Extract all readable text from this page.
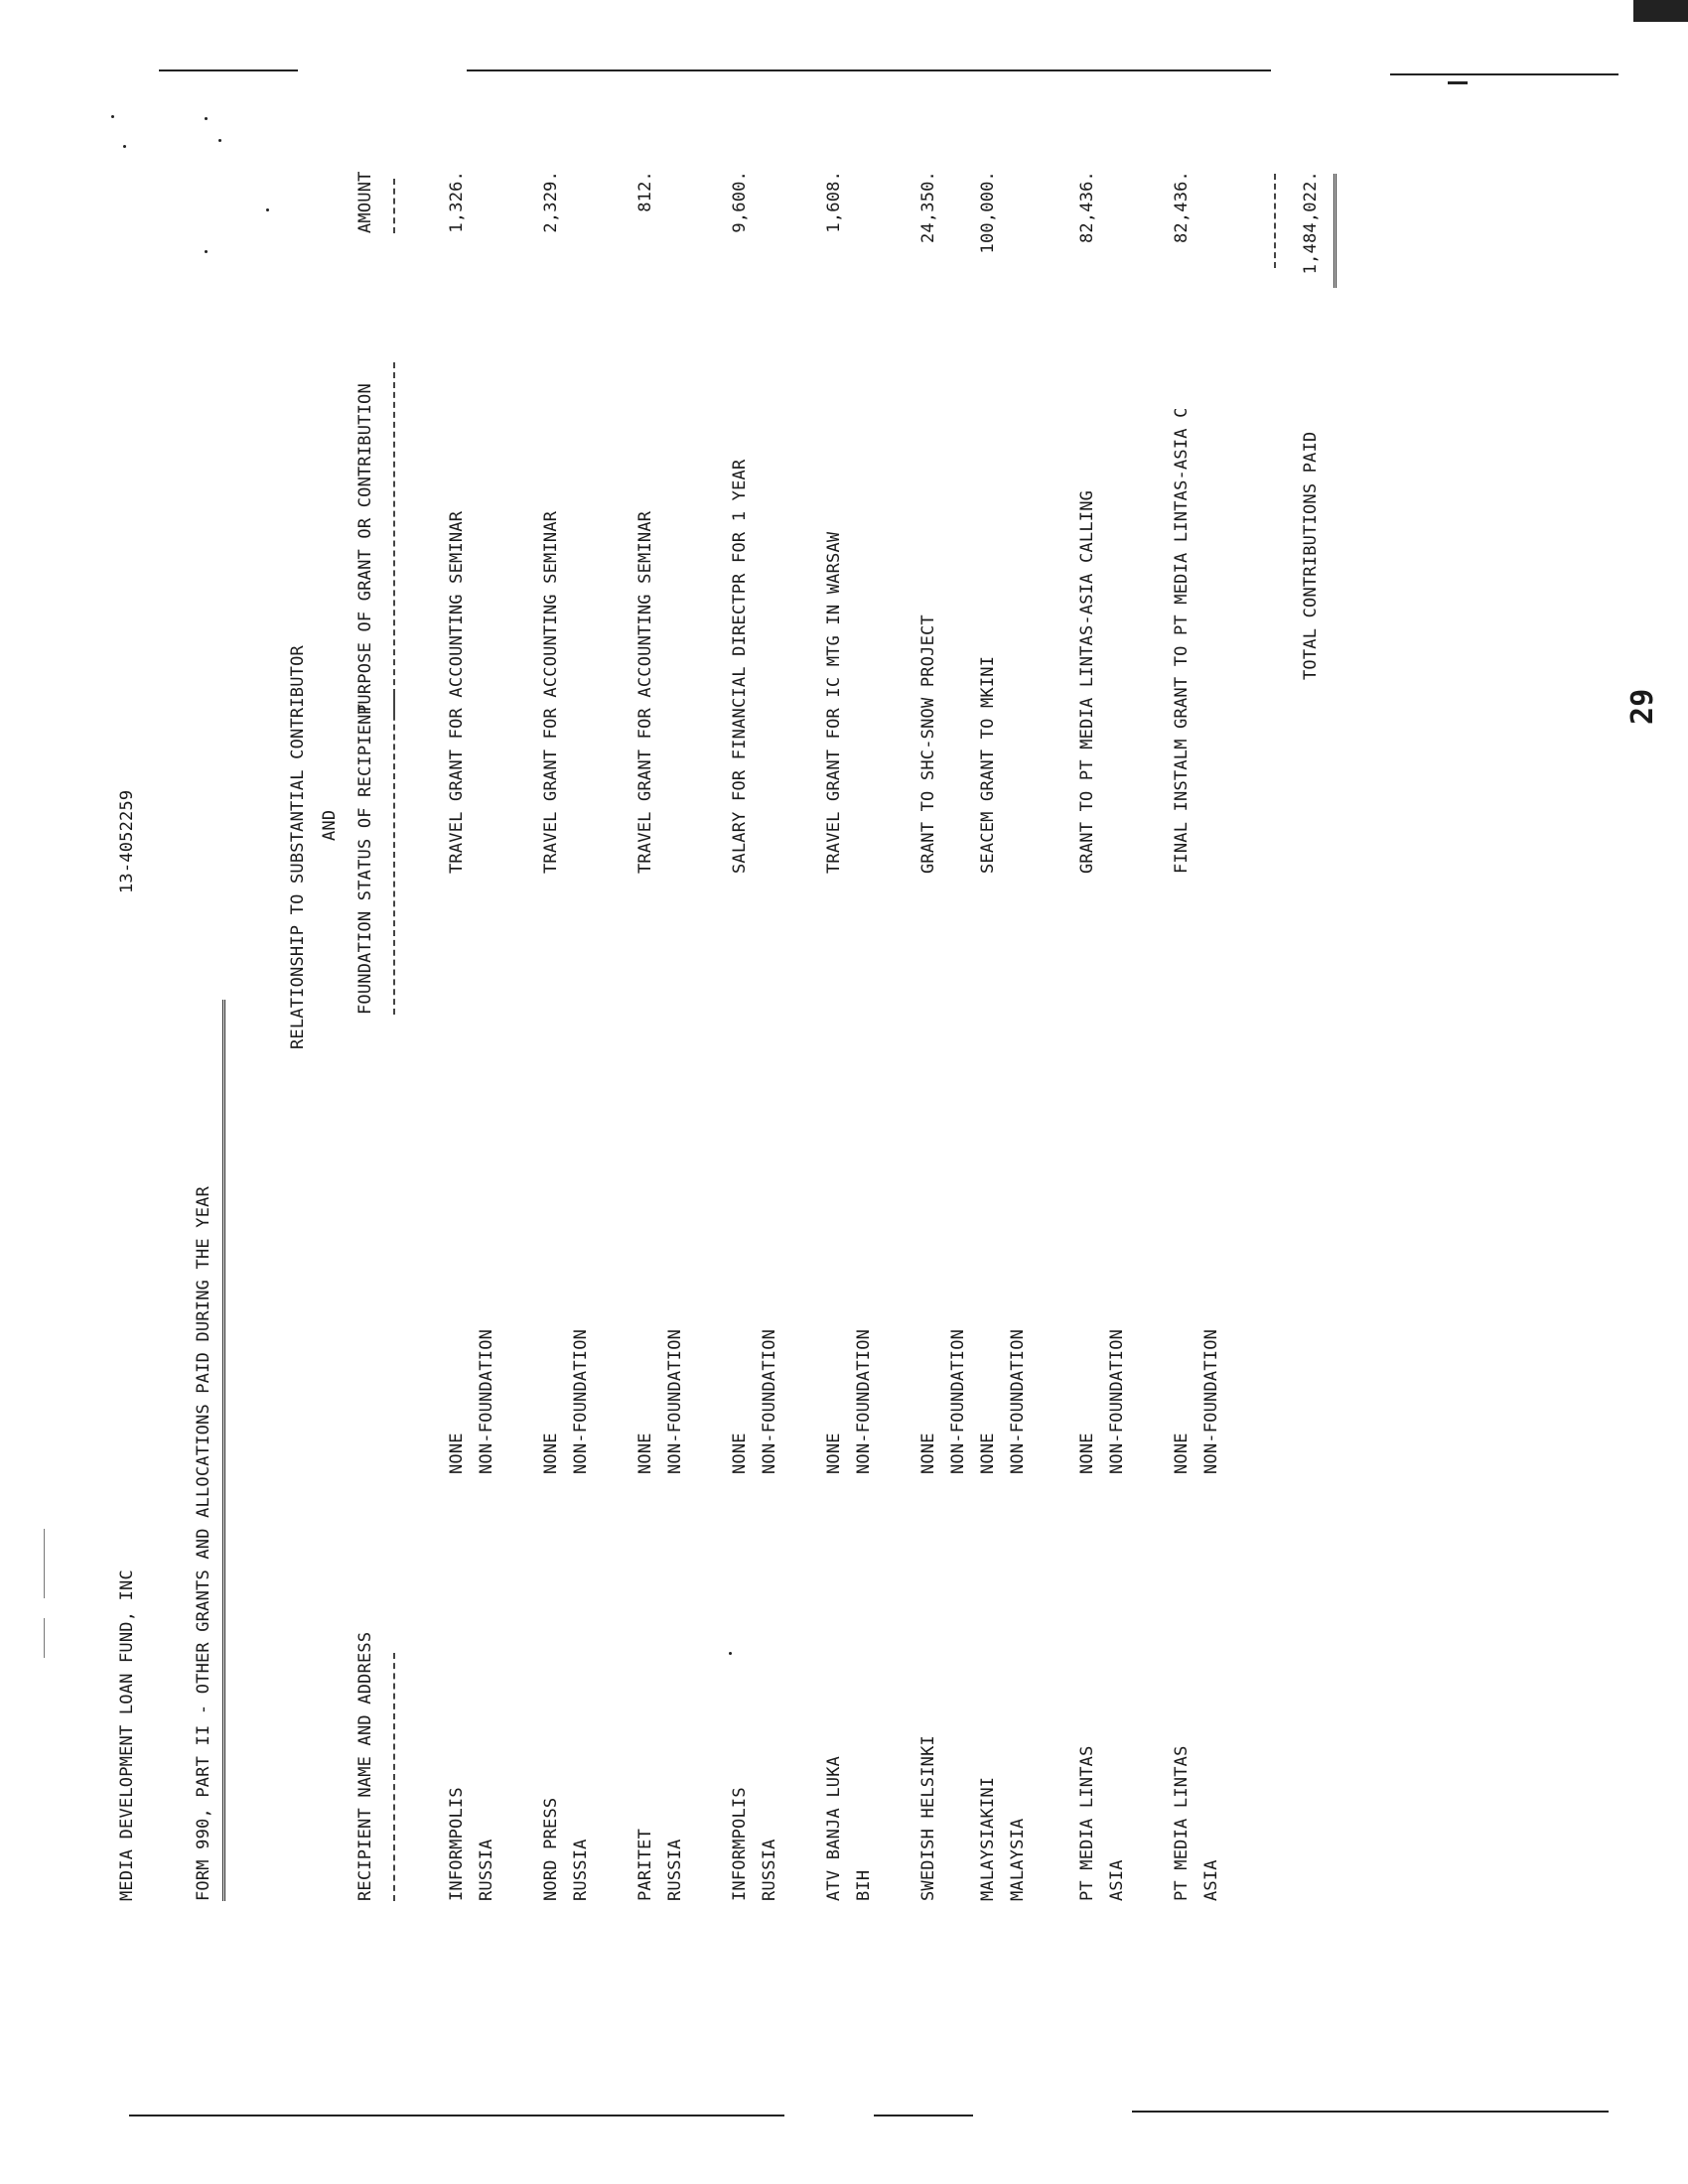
MEDIA DEVELOPMENT LOAN FUND, INC
13-4052259
FORM 990, PART II - OTHER GRANTS AND ALLOCATIONS PAID DURING THE YEAR
RELATIONSHIP TO SUBSTANTIAL CONTRIBUTOR AND
RECIPIENT NAME AND ADDRESS
FOUNDATION STATUS OF RECIPIENT
PURPOSE OF GRANT OR CONTRIBUTION
AMOUNT
INFORMPOLIS RUSSIA
NONE NON-FOUNDATION
TRAVEL GRANT FOR ACCOUNTING SEMINAR
1,326.
NORD PRESS RUSSIA
NONE NON-FOUNDATION
TRAVEL GRANT FOR ACCOUNTING SEMINAR
2,329.
PARITET RUSSIA
NONE NON-FOUNDATION
TRAVEL GRANT FOR ACCOUNTING SEMINAR
812.
INFORMPOLIS RUSSIA
NONE NON-FOUNDATION
SALARY FOR FINANCIAL DIRECTPR FOR 1 YEAR
9,600.
ATV BANJA LUKA BIH
NONE NON-FOUNDATION
TRAVEL GRANT FOR IC MTG IN WARSAW
1,608.
SWEDISH HELSINKI
NONE NON-FOUNDATION
GRANT TO SHC-SNOW PROJECT
24,350.
MALAYSIAKINI MALAYSIA
NONE NON-FOUNDATION
SEACEM GRANT TO MKINI
100,000.
PT MEDIA LINTAS ASIA
NONE NON-FOUNDATION
GRANT TO PT MEDIA LINTAS-ASIA CALLING
82,436.
PT MEDIA LINTAS ASIA
NONE NON-FOUNDATION
FINAL INSTALM GRANT TO PT MEDIA LINTAS-ASIA C
82,436.
TOTAL CONTRIBUTIONS PAID
1,484,022.
29
